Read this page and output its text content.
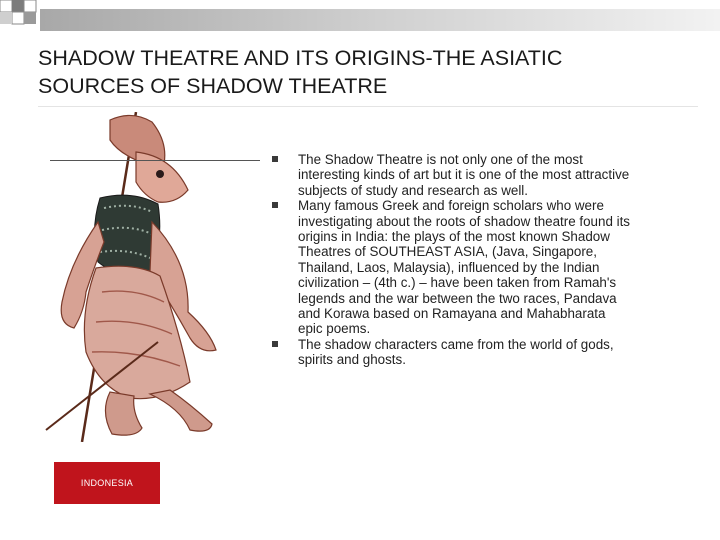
SHADOW THEATRE AND ITS ORIGINS-THE ASIATIC
SOURCES OF SHADOW THEATRE
INDONESIA
The Shadow Theatre is not only one of the most interesting kinds of art but it is one of the most attractive subjects of study and research as well.
Many famous Greek and foreign scholars who were investigating about the roots of shadow theatre found its origins in India: the plays of the most known Shadow Theatres of SOUTHEAST ASIA, (Java, Singapore, Thailand, Laos, Malaysia), influenced by the Indian civilization – (4th c.) – have been taken from Ramah's legends and the war between the two races, Pandava and Korawa based on Ramayana and Mahabharata epic poems.
The shadow characters came from the world of gods, spirits and ghosts.
